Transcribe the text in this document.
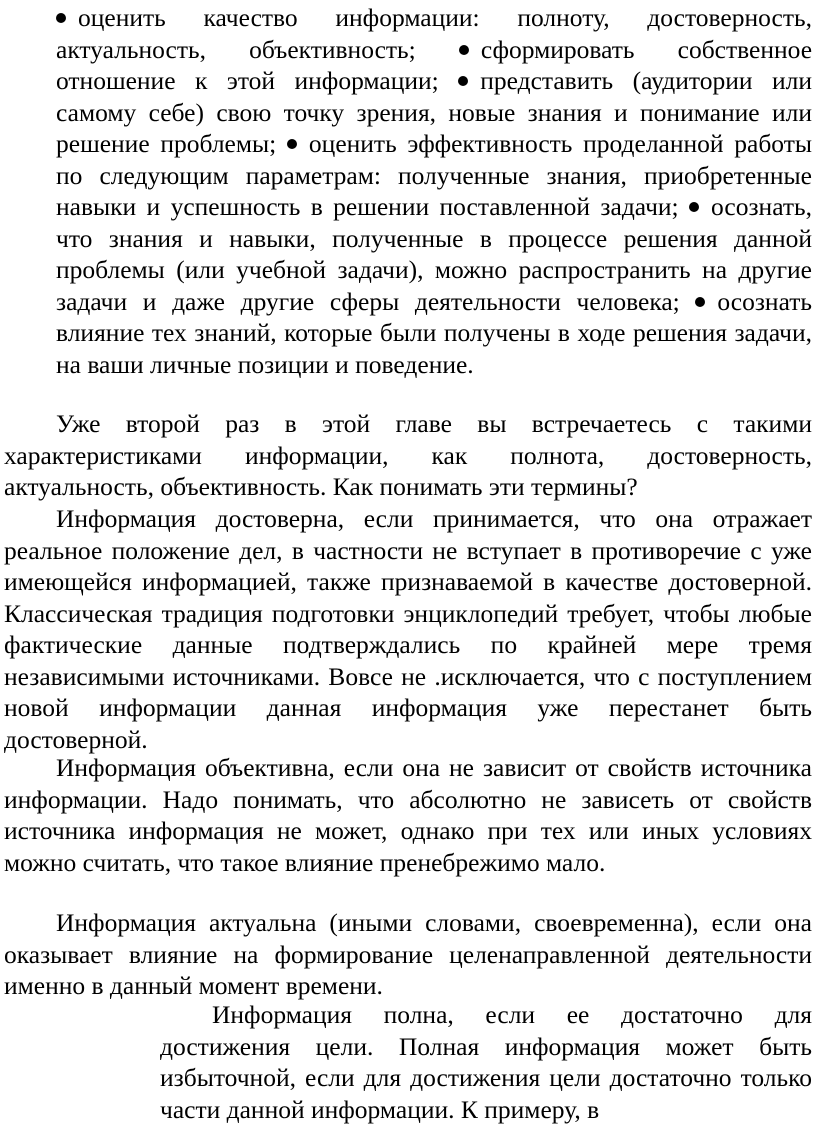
оценить качество информации: полноту, достоверность, актуальность, объективность;	сформировать собственное отношение к этой информации; представить (аудитории или самому себе) свою точку зрения, новые знания и понимание или решение проблемы; оценить эффективность проделанной работы по следующим параметрам: полученные знания, приобретенные навыки и успешность в решении поставленной задачи; осознать, что знания и навыки, полученные в процессе решения данной проблемы (или учебной задачи), можно распространить на другие задачи и даже другие сферы деятельности человека; осознать влияние тех знаний, которые были получены в ходе решения задачи, на ваши личные позиции и поведение.

Уже второй раз в этой главе вы встречаетесь с такими характеристиками информации, как полнота, достоверность, актуальность, объективность. Как понимать эти термины?

Информация достоверна, если принимается, что она отражает реальное положение дел, в частности не вступает в противоречие с уже имеющейся информацией, также признаваемой в качестве достоверной. Классическая традиция подготовки энциклопедий требует, чтобы любые фактические данные подтверждались по крайней мере тремя независимыми источниками. Вовсе не .исключается, что с поступлением новой информации данная информация уже перестанет быть достоверной.

Информация объективна, если она не зависит от свойств источника информации. Надо понимать, что абсолютно не зависеть от свойств источника информация не может, однако при тех или иных условиях можно считать, что такое влияние пренебрежимо мало.

Информация актуальна (иными словами, своевременна), если она оказывает влияние на формирование целенаправленной деятельности именно в данный момент времени.

Информация полна, если ее достаточно для достижения цели. Полная информация может быть избыточной, если для достижения цели достаточно только части данной информации. К примеру, в
